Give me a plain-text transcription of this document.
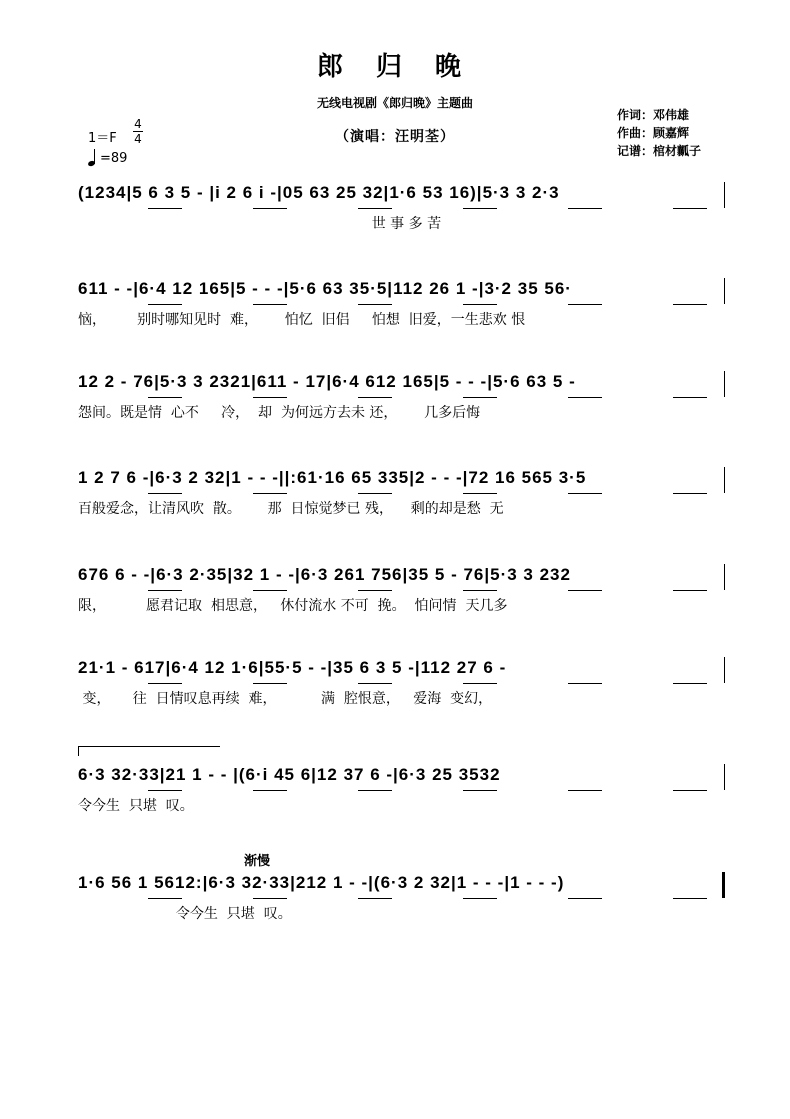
郎 归 晚
无线电视剧《郎归晚》主题曲
（演唱：汪明荃）
作词：邓伟雄
作曲：顾嘉辉
记谱：棺材瓤子
1＝F
4
4
=89
(1234|5 6 3 5 - |i 2 6 i -|05 63 25 32|1·6 53 16)|5·3 3 2·3
世 事 多 苦
611 - -|6·4 12 165|5 - - -|5·6 63 35·5|112 26 1 -|3·2 35 56·
恼，       别时哪知见时  难，      怕忆  旧侣     怕想  旧爱，一生悲欢 恨
12 2 - 76|5·3 3 2321|611 - 17|6·4 612 165|5 - - -|5·6 63 5 -
怨间。既是情  心不     冷，  却  为何远方去未 还，      几多后悔
1 2 7 6 -|6·3 2 32|1 - - -||:61·16 65 335|2 - - -|72 16 565 3·5
百般爱念，让清风吹  散。      那  日惊觉梦已 残，    剩的却是愁  无
676 6 - -|6·3 2·35|32 1 - -|6·3 261 756|35 5 - 76|5·3 3 232
限，         愿君记取  相思意，   休付流水 不可  挽。  怕问情  天几多
21·1 - 617|6·4 12 1·6|55·5 - -|35 6 3 5 -|112 27 6 -
变，     往  日情叹息再续  难，          满  腔恨意，   爱海  变幻，
6·3 32·33|21 1 - - |(6·i 45 6|12 37 6 -|6·3 25 3532
令今生  只堪  叹。
1·6 56 1 5612:|6·3 32·33|212 1 - -|(6·3 2 32|1 - - -|1 - - -)
令今生  只堪  叹。
渐慢
